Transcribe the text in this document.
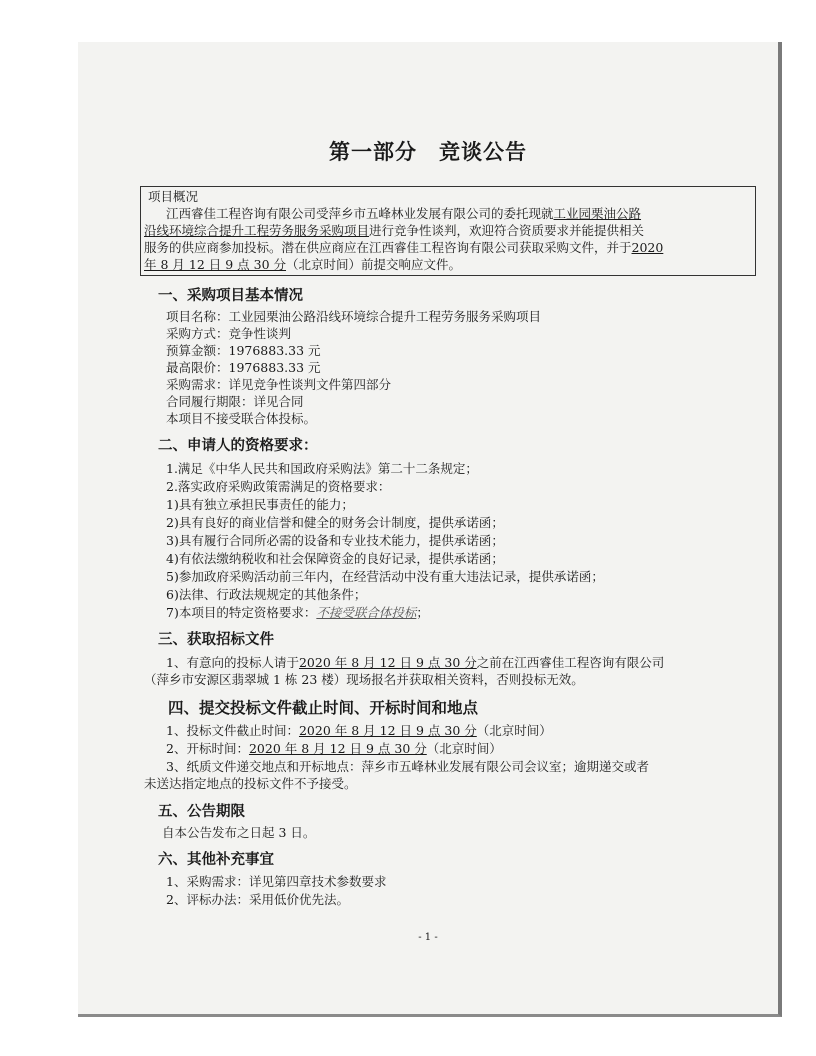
第一部分　竞谈公告
项目概况
江西睿佳工程咨询有限公司受萍乡市五峰林业发展有限公司的委托现就工业园栗油公路
沿线环境综合提升工程劳务服务采购项目进行竞争性谈判，欢迎符合资质要求并能提供相关
服务的供应商参加投标。潜在供应商应在江西睿佳工程咨询有限公司获取采购文件，并于2020
年 8 月 12 日 9 点 30 分（北京时间）前提交响应文件。
一、采购项目基本情况
项目名称：工业园栗油公路沿线环境综合提升工程劳务服务采购项目
采购方式：竞争性谈判
预算金额：1976883.33 元
最高限价：1976883.33 元
采购需求：详见竞争性谈判文件第四部分
合同履行期限：详见合同
本项目不接受联合体投标。
二、申请人的资格要求：
1.满足《中华人民共和国政府采购法》第二十二条规定；
2.落实政府采购政策需满足的资格要求：
1)具有独立承担民事责任的能力；
2)具有良好的商业信誉和健全的财务会计制度，提供承诺函；
3)具有履行合同所必需的设备和专业技术能力，提供承诺函；
4)有依法缴纳税收和社会保障资金的良好记录，提供承诺函；
5)参加政府采购活动前三年内，在经营活动中没有重大违法记录，提供承诺函；
6)法律、行政法规规定的其他条件；
7)本项目的特定资格要求：不接受联合体投标；
三、获取招标文件
1、有意向的投标人请于2020 年 8 月 12 日 9 点 30 分之前在江西睿佳工程咨询有限公司
（萍乡市安源区翡翠城 1 栋 23 楼）现场报名并获取相关资料，否则投标无效。
四、提交投标文件截止时间、开标时间和地点
1、投标文件截止时间：2020 年 8 月 12 日 9 点 30 分（北京时间）
2、开标时间：2020 年 8 月 12 日 9 点 30 分（北京时间）
3、纸质文件递交地点和开标地点：萍乡市五峰林业发展有限公司会议室；逾期递交或者
未送达指定地点的投标文件不予接受。
五、公告期限
自本公告发布之日起 3 日。
六、其他补充事宜
1、采购需求：详见第四章技术参数要求
2、评标办法：采用低价优先法。
- 1 -
